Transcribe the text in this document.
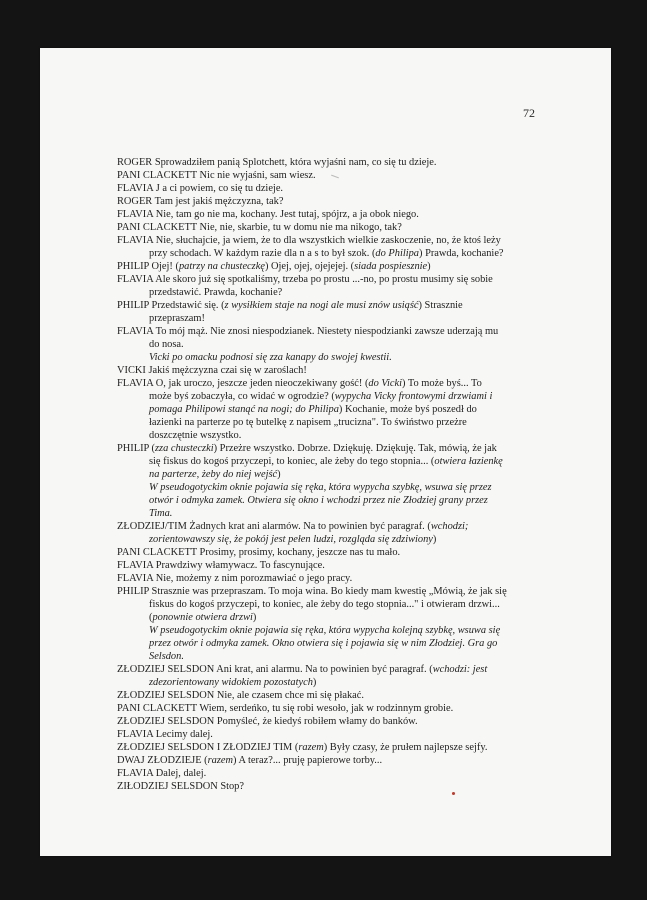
72
ROGER Sprowadziłem panią Splotchett, która wyjaśni nam, co się tu dzieje.
PANI CLACKETT Nic nie wyjaśni, sam wiesz.
FLAVIA J a ci powiem, co się tu dzieje.
ROGER Tam jest jakiś mężczyzna, tak?
FLAVIA Nie, tam go nie ma, kochany. Jest tutaj, spójrz, a ja obok niego.
PANI CLACKETT Nie, nie, skarbie, tu w domu nie ma nikogo, tak?
FLAVIA Nie, słuchajcie, ja wiem, że to dla wszystkich wielkie zaskoczenie, no, że ktoś leży
przy schodach. W każdym razie dla n a s to był szok. (do Philipa) Prawda, kochanie?
PHILIP Ojej! (patrzy na chusteczkę) Ojej, ojej, ojejejej. (siada pospiesznie)
FLAVIA Ale skoro już się spotkaliśmy, trzeba po prostu ...-no, po prostu musimy się sobie
przedstawić. Prawda, kochanie?
PHILIP Przedstawić się. (z wysiłkiem staje na nogi ale musi znów usiąść) Strasznie
przepraszam!
FLAVIA To mój mąż. Nie znosi niespodzianek. Niestety niespodzianki zawsze uderzają mu
do nosa.
Vicki po omacku podnosi się zza kanapy do swojej kwestii.
VICKI Jakiś mężczyzna czai się w zaroślach!
FLAVIA O, jak uroczo, jeszcze jeden nieoczekiwany gość! (do Vicki) To może byś... To
może byś zobaczyła, co widać w ogrodzie? (wypycha Vicky frontowymi drzwiami i
pomaga Philipowi stanąć na nogi; do Philipa) Kochanie, może byś poszedł do
łazienki na parterze po tę butelkę z napisem „trucizna". To świństwo przeżre
doszczętnie wszystko.
PHILIP (zza chusteczki) Przeżre wszystko. Dobrze. Dziękuję. Dziękuję. Tak, mówią, że jak
się fiskus do kogoś przyczepi, to koniec, ale żeby do tego stopnia... (otwiera łazienkę
na parterze, żeby do niej wejść)
W pseudogotyckim oknie pojawia się ręka, która wypycha szybkę, wsuwa się przez
otwór i odmyka zamek. Otwiera się okno i wchodzi przez nie Złodziej grany przez
Tima.
ZŁODZIEJ/TIM Żadnych krat ani alarmów. Na to powinien być paragraf. (wchodzi;
zorientowawszy się, że pokój jest pełen ludzi, rozgląda się zdziwiony)
PANI CLACKETT Prosimy, prosimy, kochany, jeszcze nas tu mało.
FLAVIA Prawdziwy włamywacz. To fascynujące.
FLAVIA Nie, możemy z nim porozmawiać o jego pracy.
PHILIP Strasznie was przepraszam. To moja wina. Bo kiedy mam kwestię „Mówią, że jak się
fiskus do kogoś przyczepi, to koniec, ale żeby do tego stopnia..." i otwieram drzwi...
(ponownie otwiera drzwi)
W pseudogotyckim oknie pojawia się ręka, która wypycha kolejną szybkę, wsuwa się
przez otwór i odmyka zamek. Okno otwiera się i pojawia się w nim Złodziej. Gra go
Selsdon.
ZŁODZIEJ SELSDON Ani krat, ani alarmu. Na to powinien być paragraf. (wchodzi: jest
zdezorientowany widokiem pozostatych)
ZŁODZIEJ SELSDON Nie, ale czasem chce mi się płakać.
PANI CLACKETT Wiem, serdeńko, tu się robi wesoło, jak w rodzinnym grobie.
ZŁODZIEJ SELSDON Pomyśleć, że kiedyś robiłem włamy do banków.
FLAVIA Lecimy dalej.
ZŁODZIEJ SELSDON I ZŁODZIEJ TIM (razem) Były czasy, że prułem najlepsze sejfy.
DWAJ ZŁODZIEJE (razem) A teraz?... pruję papierowe torby...
FLAVIA Dalej, dalej.
ZIŁODZIEJ SELSDON Stop?
